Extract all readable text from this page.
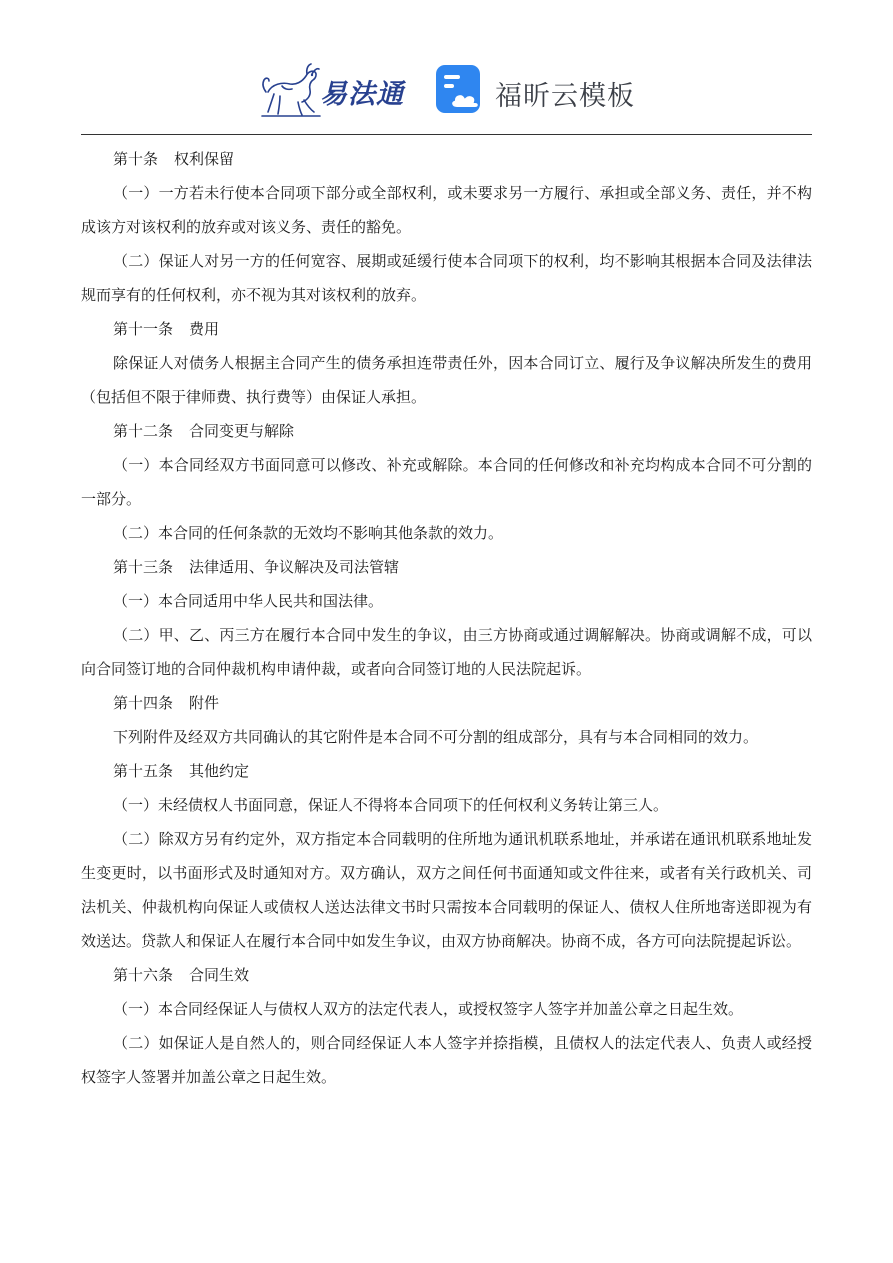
易法通	福昕云模板

第十条 权利保留

（一）一方若未行使本合同项下部分或全部权利，或未要求另一方履行、承担或全部义务、责任，并不构成该方对该权利的放弃或对该义务、责任的豁免。

（二）保证人对另一方的任何宽容、展期或延缓行使本合同项下的权利，均不影响其根据本合同及法律法规而享有的任何权利，亦不视为其对该权利的放弃。

第十一条 费用

除保证人对债务人根据主合同产生的债务承担连带责任外，因本合同订立、履行及争议解决所发生的费用（包括但不限于律师费、执行费等）由保证人承担。

第十二条 合同变更与解除

（一）本合同经双方书面同意可以修改、补充或解除。本合同的任何修改和补充均构成本合同不可分割的一部分。

（二）本合同的任何条款的无效均不影响其他条款的效力。

第十三条 法律适用、争议解决及司法管辖

（一）本合同适用中华人民共和国法律。

（二）甲、乙、丙三方在履行本合同中发生的争议，由三方协商或通过调解解决。协商或调解不成，可以向合同签订地的合同仲裁机构申请仲裁，或者向合同签订地的人民法院起诉。

第十四条 附件

下列附件及经双方共同确认的其它附件是本合同不可分割的组成部分，具有与本合同相同的效力。

第十五条 其他约定

（一）未经债权人书面同意，保证人不得将本合同项下的任何权利义务转让第三人。

（二）除双方另有约定外，双方指定本合同载明的住所地为通讯机联系地址，并承诺在通讯机联系地址发生变更时，以书面形式及时通知对方。双方确认，双方之间任何书面通知或文件往来，或者有关行政机关、司法机关、仲裁机构向保证人或债权人送达法律文书时只需按本合同载明的保证人、债权人住所地寄送即视为有效送达。贷款人和保证人在履行本合同中如发生争议，由双方协商解决。协商不成，各方可向法院提起诉讼。

第十六条 合同生效

（一）本合同经保证人与债权人双方的法定代表人，或授权签字人签字并加盖公章之日起生效。

（二）如保证人是自然人的，则合同经保证人本人签字并捺指模，且债权人的法定代表人、负责人或经授权签字人签署并加盖公章之日起生效。
